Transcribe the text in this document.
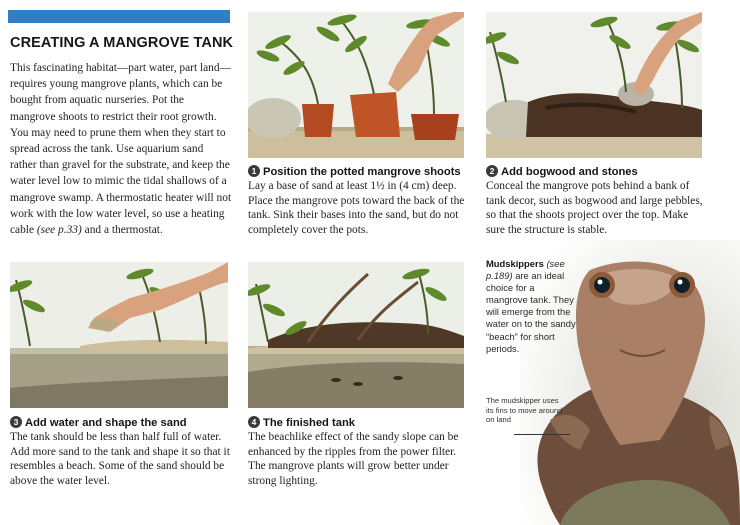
CREATING A MANGROVE TANK
This fascinating habitat—part water, part land—requires young mangrove plants, which can be bought from aquatic nurseries. Pot the mangrove shoots to restrict their root growth. You may need to prune them when they start to spread across the tank. Use aquarium sand rather than gravel for the substrate, and keep the water level low to mimic the tidal shallows of a mangrove swamp. A thermostatic heater will not work with the low water level, so use a heating cable (see p.33) and a thermostat.
1 Position the potted mangrove shoots
Lay a base of sand at least 1½ in (4 cm) deep. Place the mangrove pots toward the back of the tank. Sink their bases into the sand, but do not completely cover the pots.
2 Add bogwood and stones
Conceal the mangrove pots behind a bank of tank decor, such as bogwood and large pebbles, so that the shoots project over the top. Make sure the structure is stable.
3 Add water and shape the sand
The tank should be less than half full of water. Add more sand to the tank and shape it so that it resembles a beach. Some of the sand should be above the water level.
4 The finished tank
The beachlike effect of the sandy slope can be enhanced by the ripples from the power filter. The mangrove plants will grow better under strong lighting.
Mudskippers (see p.189) are an ideal choice for a mangrove tank. They will emerge from the water on to the sandy “beach” for short periods.
The mudskipper uses its fins to move around on land
